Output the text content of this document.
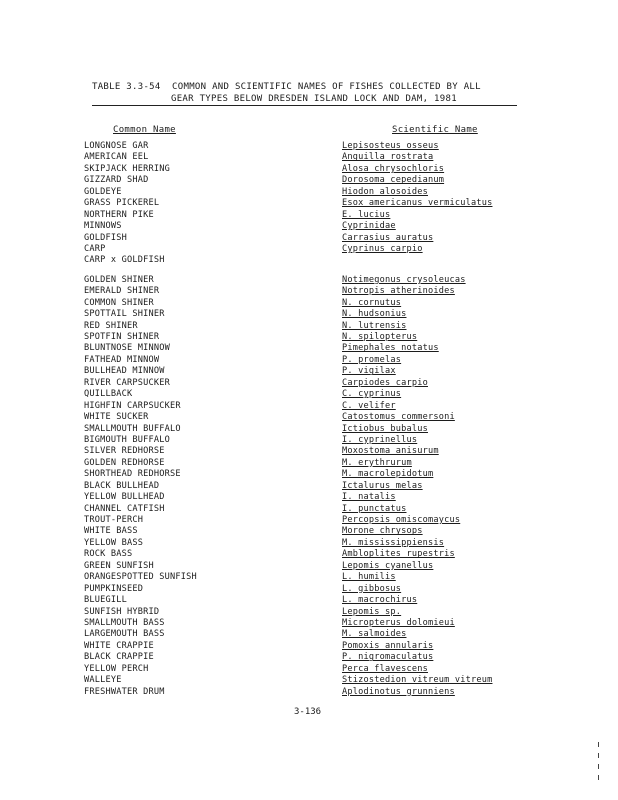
TABLE 3.3-54  COMMON AND SCIENTIFIC NAMES OF FISHES COLLECTED BY ALL
GEAR TYPES BELOW DRESDEN ISLAND LOCK AND DAM, 1981
Common Name	Scientific Name
LONGNOSE GAR	Lepisosteus osseus
AMERICAN EEL	Anguilla rostrata
SKIPJACK HERRING	Alosa chrysochloris
GIZZARD SHAD	Dorosoma cepedianum
GOLDEYE	Hiodon alosoides
GRASS PICKEREL	Esox americanus vermiculatus
NORTHERN PIKE	E. lucius
MINNOWS	Cyprinidae
GOLDFISH	Carrasius auratus
CARP	Cyprinus carpio
CARP x GOLDFISH
GOLDEN SHINER	Notimegonus crysoleucas
EMERALD SHINER	Notropis atherinoides
COMMON SHINER	N. cornutus
SPOTTAIL SHINER	N. hudsonius
RED SHINER	N. lutrensis
SPOTFIN SHINER	N. spilopterus
BLUNTNOSE MINNOW	Pimephales notatus
FATHEAD MINNOW	P. promelas
BULLHEAD MINNOW	P. vigilax
RIVER CARPSUCKER	Carpiodes carpio
QUILLBACK	C. cyprinus
HIGHFIN CARPSUCKER	C. velifer
WHITE SUCKER	Catostomus commersoni
SMALLMOUTH BUFFALO	Ictiobus bubalus
BIGMOUTH BUFFALO	I. cyprinellus
SILVER REDHORSE	Moxostoma anisurum
GOLDEN REDHORSE	M. erythrurum
SHORTHEAD REDHORSE	M. macrolepidotum
BLACK BULLHEAD	Ictalurus melas
YELLOW BULLHEAD	I. natalis
CHANNEL CATFISH	I. punctatus
TROUT-PERCH	Percopsis omiscomaycus
WHITE BASS	Morone chrysops
YELLOW BASS	M. mississippiensis
ROCK BASS	Ambloplites rupestris
GREEN SUNFISH	Lepomis cyanellus
ORANGESPOTTED SUNFISH	L. humilis
PUMPKINSEED	L. gibbosus
BLUEGILL	L. macrochirus
SUNFISH HYBRID	Lepomis sp.
SMALLMOUTH BASS	Micropterus dolomieui
LARGEMOUTH BASS	M. salmoides
WHITE CRAPPIE	Pomoxis annularis
BLACK CRAPPIE	P. nigromaculatus
YELLOW PERCH	Perca flavescens
WALLEYE	Stizostedion vitreum vitreum
FRESHWATER DRUM	Aplodinotus grunniens
3-136
